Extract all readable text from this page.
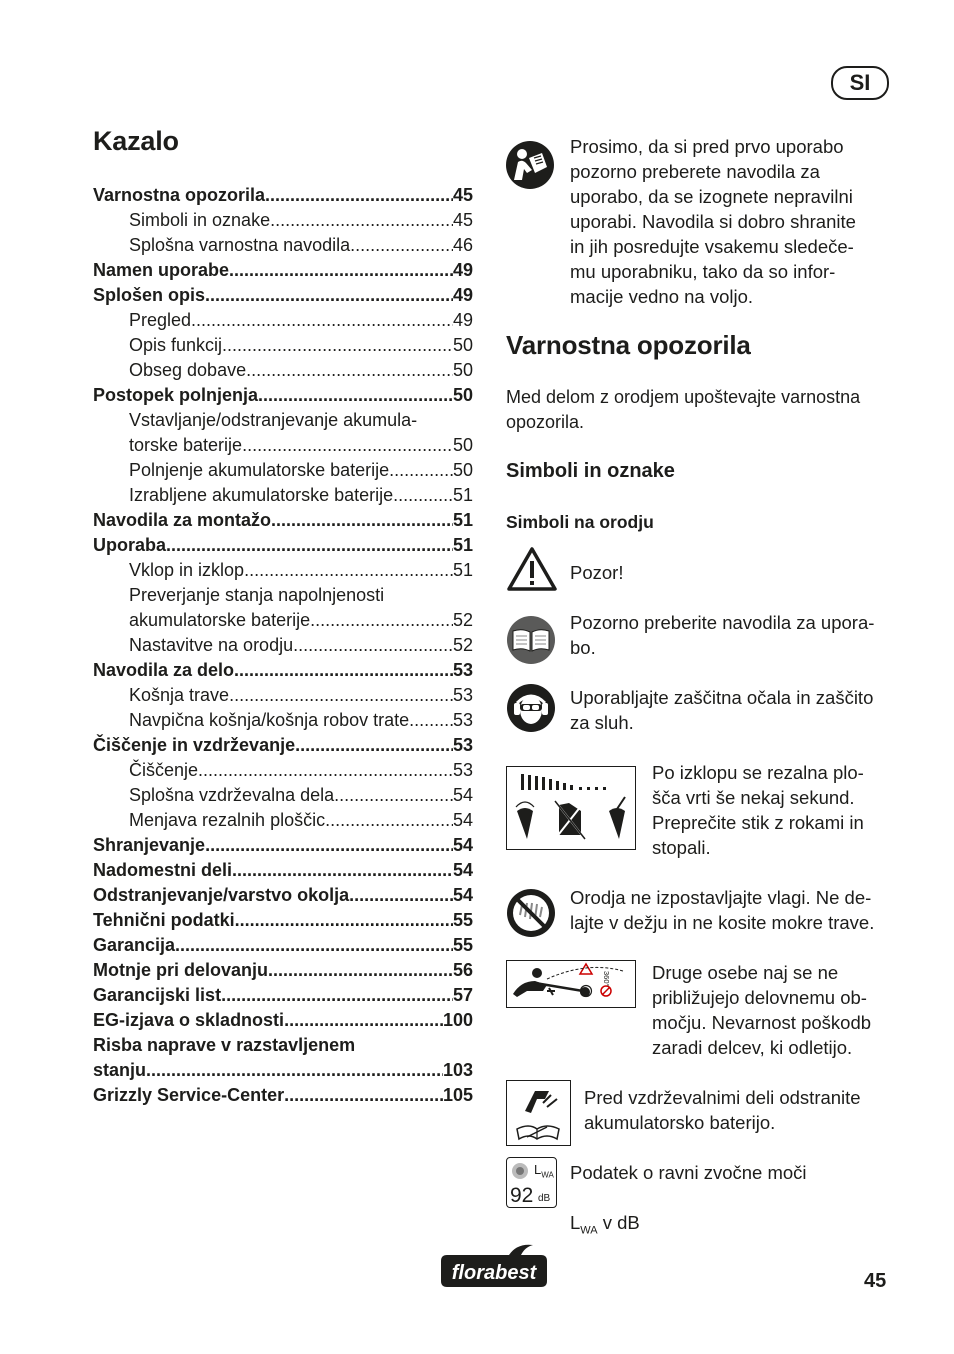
SI
Kazalo
Varnostna opozorila .....	45
Simboli in oznake .....	45
Splošna varnostna navodila .....	46
Namen uporabe .....	49
Splošen opis .....	49
Pregled .....	49
Opis funkcij .....	50
Obseg dobave .....	50
Postopek polnjenja .....	50
Vstavljanje/odstranjevanje akumula-
torske baterije .....	50
Polnjenje akumulatorske baterije .....	50
Izrabljene akumulatorske baterije .....	51
Navodila za montažo .....	51
Uporaba .....	51
Vklop in izklop .....	51
Preverjanje stanja napolnjenosti
akumulatorske baterije .....	52
Nastavitve na orodju .....	52
Navodila za delo .....	53
Košnja trave .....	53
Navpična košnja/košnja robov trate ..... 53
Čiščenje in vzdrževanje .....	53
Čiščenje .....	53
Splošna vzdrževalna dela .....	54
Menjava rezalnih ploščic .....	54
Shranjevanje .....	54
Nadomestni deli .....	54
Odstranjevanje/varstvo okolja .....	54
Tehnični podatki .....	55
Garancija .....	55
Motnje pri delovanju .....	56
Garancijski list .....	57
EG-izjava o skladnosti .....	100
Risba naprave v razstavljenem
stanju .....	103
Grizzly Service-Center .....	105
Prosimo, da si pred prvo uporabo
pozorno preberete navodila za
uporabo, da se izognete nepravilni
uporabi. Navodila si dobro shranite
in jih posredujte vsakemu sledeče-
mu uporabniku, tako da so infor-
macije vedno na voljo.
Varnostna opozorila
Med delom z orodjem upoštevajte varnostna
opozorila.
Simboli in oznake
Simboli na orodju
Pozor!
Pozorno preberite navodila za upora-
bo.
Uporabljajte zaščitna očala in zaščito
za sluh.
Po izklopu se rezalna plo-
šča vrti še nekaj sekund.
Preprečite stik z rokami in
stopali.
Orodja ne izpostavljajte vlagi. Ne de-
lajte v dežju in ne kosite mokre trave.
360° Druge osebe naj se ne
približujejo delovnemu ob-
močju. Nevarnost poškodb
zaradi delcev, ki odletijo.
Pred vzdrževalnimi deli odstranite
akumulatorsko baterijo.
$L_{WA}$
92 dB
Podatek o ravni zvočne moči

$L_{WA}$ v dB
florabest	45
